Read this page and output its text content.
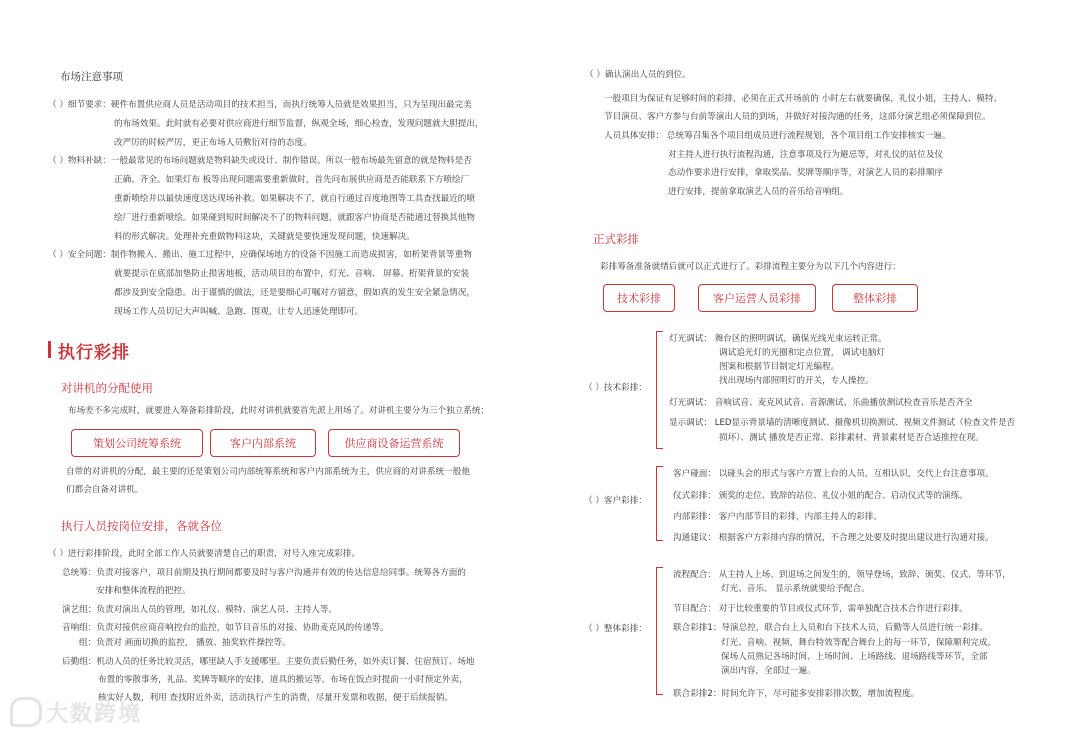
布场注意事项
（ ）细节要求：硬件布置供应商人员是活动项目的技术担当，而执行统筹人员就是效果担当，只为呈现出最完美
的布场效果。此时就有必要对供应商进行细节监督，纵观全场，细心检查，发现问题就大胆提出，
改严厉的时候严厉，更正布场人员敷衍对待的态度。
（ ）物料补缺：一般最常见的布场问题就是物料缺失或设计、制作错误。所以一般布场最先留意的就是物料是否
正确、齐全。如果灯布 板等出现问题需要重新做时，首先问布展供应商是否能联系下方喷绘厂
重新喷绘并以最快速度送达现场补救。如果解决不了，就自行通过百度地图等工具查找最近的喷
绘厂进行重新喷绘。如果碰到短时间解决不了的物料问题，就跟客户协商是否能通过替换其他物
料的形式解决。处理补充重做物料这块，关键就是要快速发现问题，快速解决。
（ ）安全问题：制作物搬入、搬出、施工过程中，应确保场地方的设备不因施工而造成损害，如析架背景等重物
就要提示在底部加垫防止损害地板，活动项目的布置中，灯光、音响、 屏幕、桁架背景的安装
都涉及到安全隐患。出于谨慎的做法，还是要细心叮嘱对方留意，假如真的发生安全紧急情况，
现场工作人员切记大声叫喊、急跑、围观，让专人迅速处理即可。
执行彩排
对讲机的分配使用
布场差不多完成时，就要进入筹备彩排阶段，此时对讲机就要首先派上用场了。对讲机主要分为三个独立系统：
策划公司统筹系统	客户内部系统	供应商设备运营系统
自带的对讲机的分配，最主要的还是策划公司内部统筹系统和客户内部系统为主，供应商的对讲系统一般他
们都会自备对讲机。
执行人员按岗位安排，各就各位
（ ）进行彩排阶段，此时全部工作人员就要清楚自己的职责，对号入座完成彩排。
总统筹：负责对接客户，项目前期及执行期间都要及时与客户沟通并有效的传达信息给同事。统筹各方面的
安排和整体流程的把控。
演艺组：负责对演出人员的管理，如礼仪、模特、演艺人员、主持人等。
音响组：负责对接供应商音响控台的监控，如节目音乐的对接、协助麦克风的传递等。
组：负责对 画面切换的监控， 播放、抽奖软件操控等。
后勤组：机动人员的任务比较灵活，哪里缺人手支援哪里。主要负责后勤任务，如外卖订餐、住宿预订、场地
布置的零散事务，礼品、奖牌等顺序的安排，道具的搬运等。布场在饭点时提前一小时预定外卖，
核实好人数，利用 查找附近外卖，活动执行产生的消费，尽量开发票和收据，便于后续报销。
大数跨境
（ ）确认演出人员的到位。
一般项目为保证有足够时间的彩排，必须在正式开场前的 小时左右就要确保，礼仪小姐，主持人、模特、
节目演员、客户方参与台前等演出人员的到场，并做好对接沟通的任务，这部分演艺组必须保障到位。
人员具体安排： 总统筹召集各个项目组成员进行流程规划，各个项目组工作安排核实一遍。
对主持人进行执行流程沟通，注意事项及行为避忌等，对礼仪的站位及仪
态动作要求进行安排，拿取奖品、奖牌等顺序等，对演艺人员的彩排顺序
进行安排，提前拿取演艺人员的音乐给音响组。
正式彩排
彩排筹备准备就绪后就可以正式进行了。彩排流程主要分为以下几个内容进行：
技术彩排	客户运营人员彩排	整体彩排
（ ）技术彩排：
灯光调试： 舞台区的照明调试，确保光线光束运转正常。
调试追光灯的光圈和定点位置， 调试电脑灯
图案和根据节目制定灯光编程。
找出现场内部照明灯的开关，专人操控。
灯光调试： 音响试音、麦克风试音、音源测试、乐曲播放测试检查音乐是否齐全
显示调试： LED显示背景墙的清晰度测试、摄像机切换测试、视频文件测试（检查文件是否
损坏）、测试 播放是否正常、彩排素材、背景素材是否合适推控在现。
（ ）客户彩排：
客户碰面： 以碰头会的形式与客户方置上台的人员，互相认识，交代上台注意事项。
仪式彩排： 颁奖的走位、致辞的站位、礼仪小姐的配合、启动仪式等的演练。
内部彩排： 客户内部节目的彩排，内部主持人的彩排。
沟通建议： 根据客户方彩排内容的情况，不合理之处要及时提出建议进行沟通对接。
（ ）整体彩排：
流程配合： 从主持人上场、到退场之间发生的，领导登场，致辞、颁奖、仪式、等环节，
灯光、音乐、 显示系统就要给予配合。
节目配合： 对于比较重要的节目或仪式环节，需单独配合技术合作进行彩排。
联合彩排1：导演总控，联合台上人员和台下技术人员，后勤等人员进行统一彩排。
灯光、音响、视频，舞台特效等配合舞台上的每一环节，保障顺利完成。
保场人员熟记各场时间、上场时间、上场路线、退场路线等环节，全部
演出内容，全部过一遍。
联合彩排2：时间允许下，尽可能多安排彩排次数，增加流程度。
